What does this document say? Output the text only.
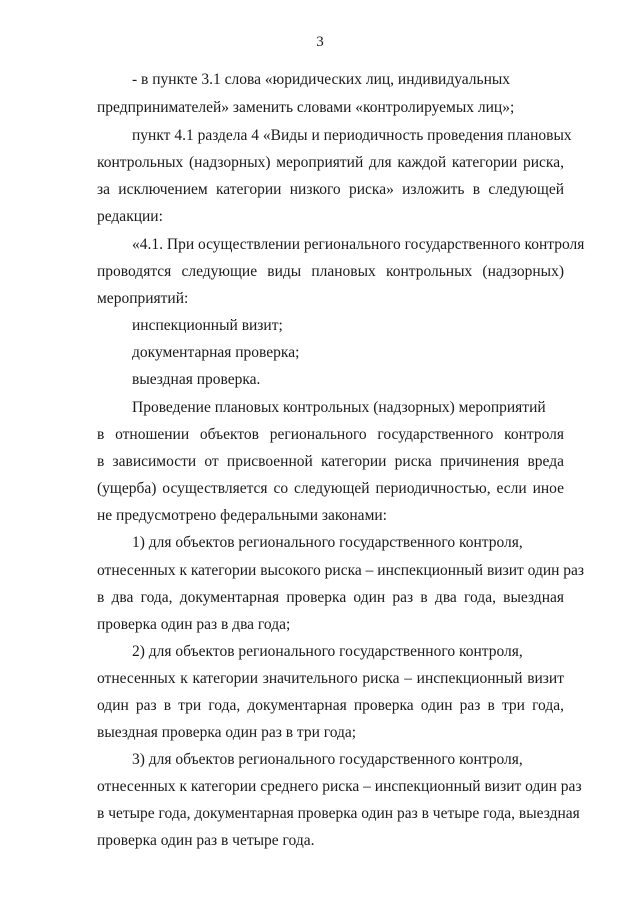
3
- в пункте 3.1 слова «юридических лиц, индивидуальных
предпринимателей» заменить словами «контролируемых лиц»;
пункт 4.1 раздела 4 «Виды и периодичность проведения плановых
контрольных (надзорных) мероприятий для каждой категории риска,
за исключением категории низкого риска» изложить в следующей
редакции:
«4.1. При осуществлении регионального государственного контроля
проводятся следующие виды плановых контрольных (надзорных)
мероприятий:
инспекционный визит;
документарная проверка;
выездная проверка.
Проведение плановых контрольных (надзорных) мероприятий
в отношении объектов регионального государственного контроля
в зависимости от присвоенной категории риска причинения вреда
(ущерба) осуществляется со следующей периодичностью, если иное
не предусмотрено федеральными законами:
1) для объектов регионального государственного контроля,
отнесенных к категории высокого риска – инспекционный визит один раз
в два года, документарная проверка один раз в два года, выездная
проверка один раз в два года;
2) для объектов регионального государственного контроля,
отнесенных к категории значительного риска – инспекционный визит
один раз в три года, документарная проверка один раз в три года,
выездная проверка один раз в три года;
3) для объектов регионального государственного контроля,
отнесенных к категории среднего риска – инспекционный визит один раз
в четыре года, документарная проверка один раз в четыре года, выездная
проверка один раз в четыре года.
